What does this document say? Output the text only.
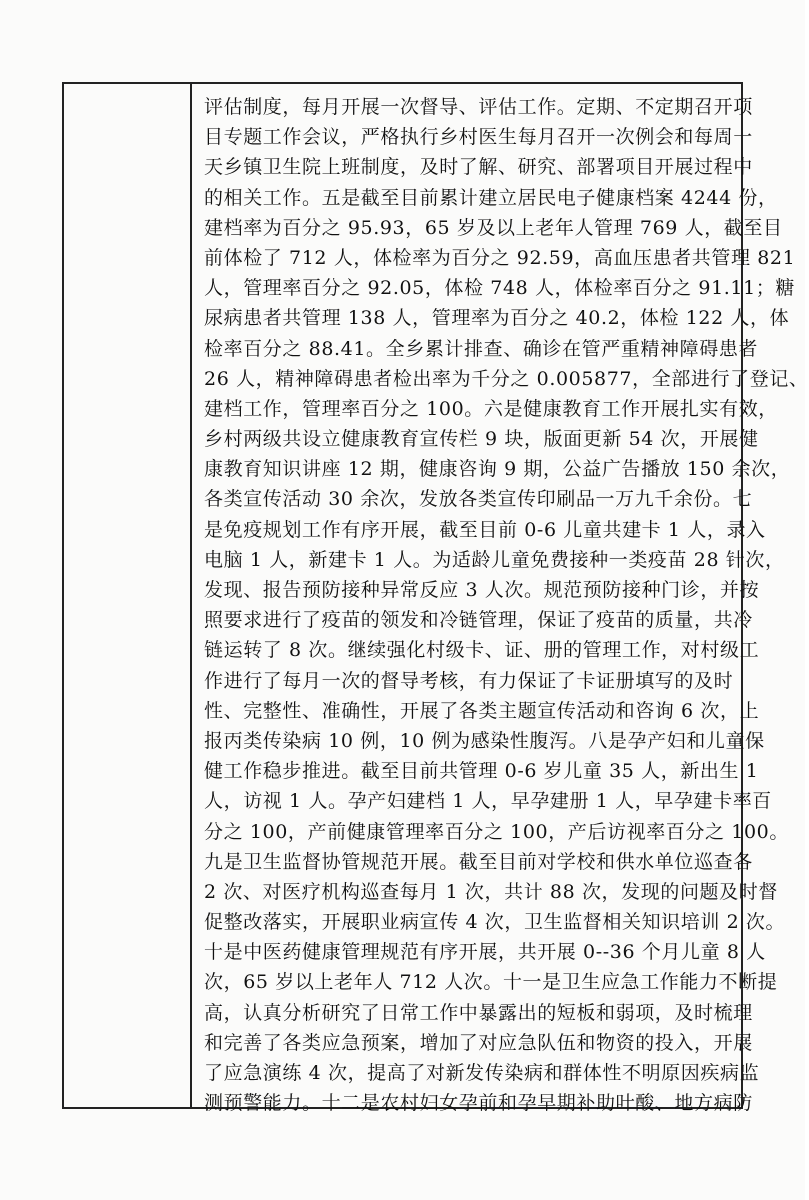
评估制度，每月开展一次督导、评估工作。定期、不定期召开项
目专题工作会议，严格执行乡村医生每月召开一次例会和每周一
天乡镇卫生院上班制度，及时了解、研究、部署项目开展过程中
的相关工作。五是截至目前累计建立居民电子健康档案 4244 份，
建档率为百分之 95.93，65 岁及以上老年人管理 769 人，截至目
前体检了 712 人，体检率为百分之 92.59，高血压患者共管理 821
人，管理率百分之 92.05，体检 748 人，体检率百分之 91.11；糖
尿病患者共管理 138 人，管理率为百分之 40.2，体检 122 人，体
检率百分之 88.41。全乡累计排查、确诊在管严重精神障碍患者
26 人，精神障碍患者检出率为千分之 0.005877，全部进行了登记、
建档工作，管理率百分之 100。六是健康教育工作开展扎实有效，
乡村两级共设立健康教育宣传栏 9 块，版面更新 54 次，开展健
康教育知识讲座 12 期，健康咨询 9 期，公益广告播放 150 余次，
各类宣传活动 30 余次，发放各类宣传印刷品一万九千余份。七
是免疫规划工作有序开展，截至目前 0-6 儿童共建卡 1 人，录入
电脑 1 人，新建卡 1 人。为适龄儿童免费接种一类疫苗 28 针次，
发现、报告预防接种异常反应 3 人次。规范预防接种门诊，并按
照要求进行了疫苗的领发和冷链管理，保证了疫苗的质量，共冷
链运转了 8 次。继续强化村级卡、证、册的管理工作，对村级工
作进行了每月一次的督导考核，有力保证了卡证册填写的及时
性、完整性、准确性，开展了各类主题宣传活动和咨询 6 次，上
报丙类传染病 10 例，10 例为感染性腹泻。八是孕产妇和儿童保
健工作稳步推进。截至目前共管理 0-6 岁儿童 35 人，新出生 1
人，访视 1 人。孕产妇建档 1 人，早孕建册 1 人，早孕建卡率百
分之 100，产前健康管理率百分之 100，产后访视率百分之 100。
九是卫生监督协管规范开展。截至目前对学校和供水单位巡查各
2 次、对医疗机构巡查每月 1 次，共计 88 次，发现的问题及时督
促整改落实，开展职业病宣传 4 次，卫生监督相关知识培训 2 次。
十是中医药健康管理规范有序开展，共开展 0--36 个月儿童 8 人
次，65 岁以上老年人 712 人次。十一是卫生应急工作能力不断提
高，认真分析研究了日常工作中暴露出的短板和弱项，及时梳理
和完善了各类应急预案，增加了对应急队伍和物资的投入，开展
了应急演练 4 次，提高了对新发传染病和群体性不明原因疾病监
测预警能力。十二是农村妇女孕前和孕早期补助叶酸、地方病防
